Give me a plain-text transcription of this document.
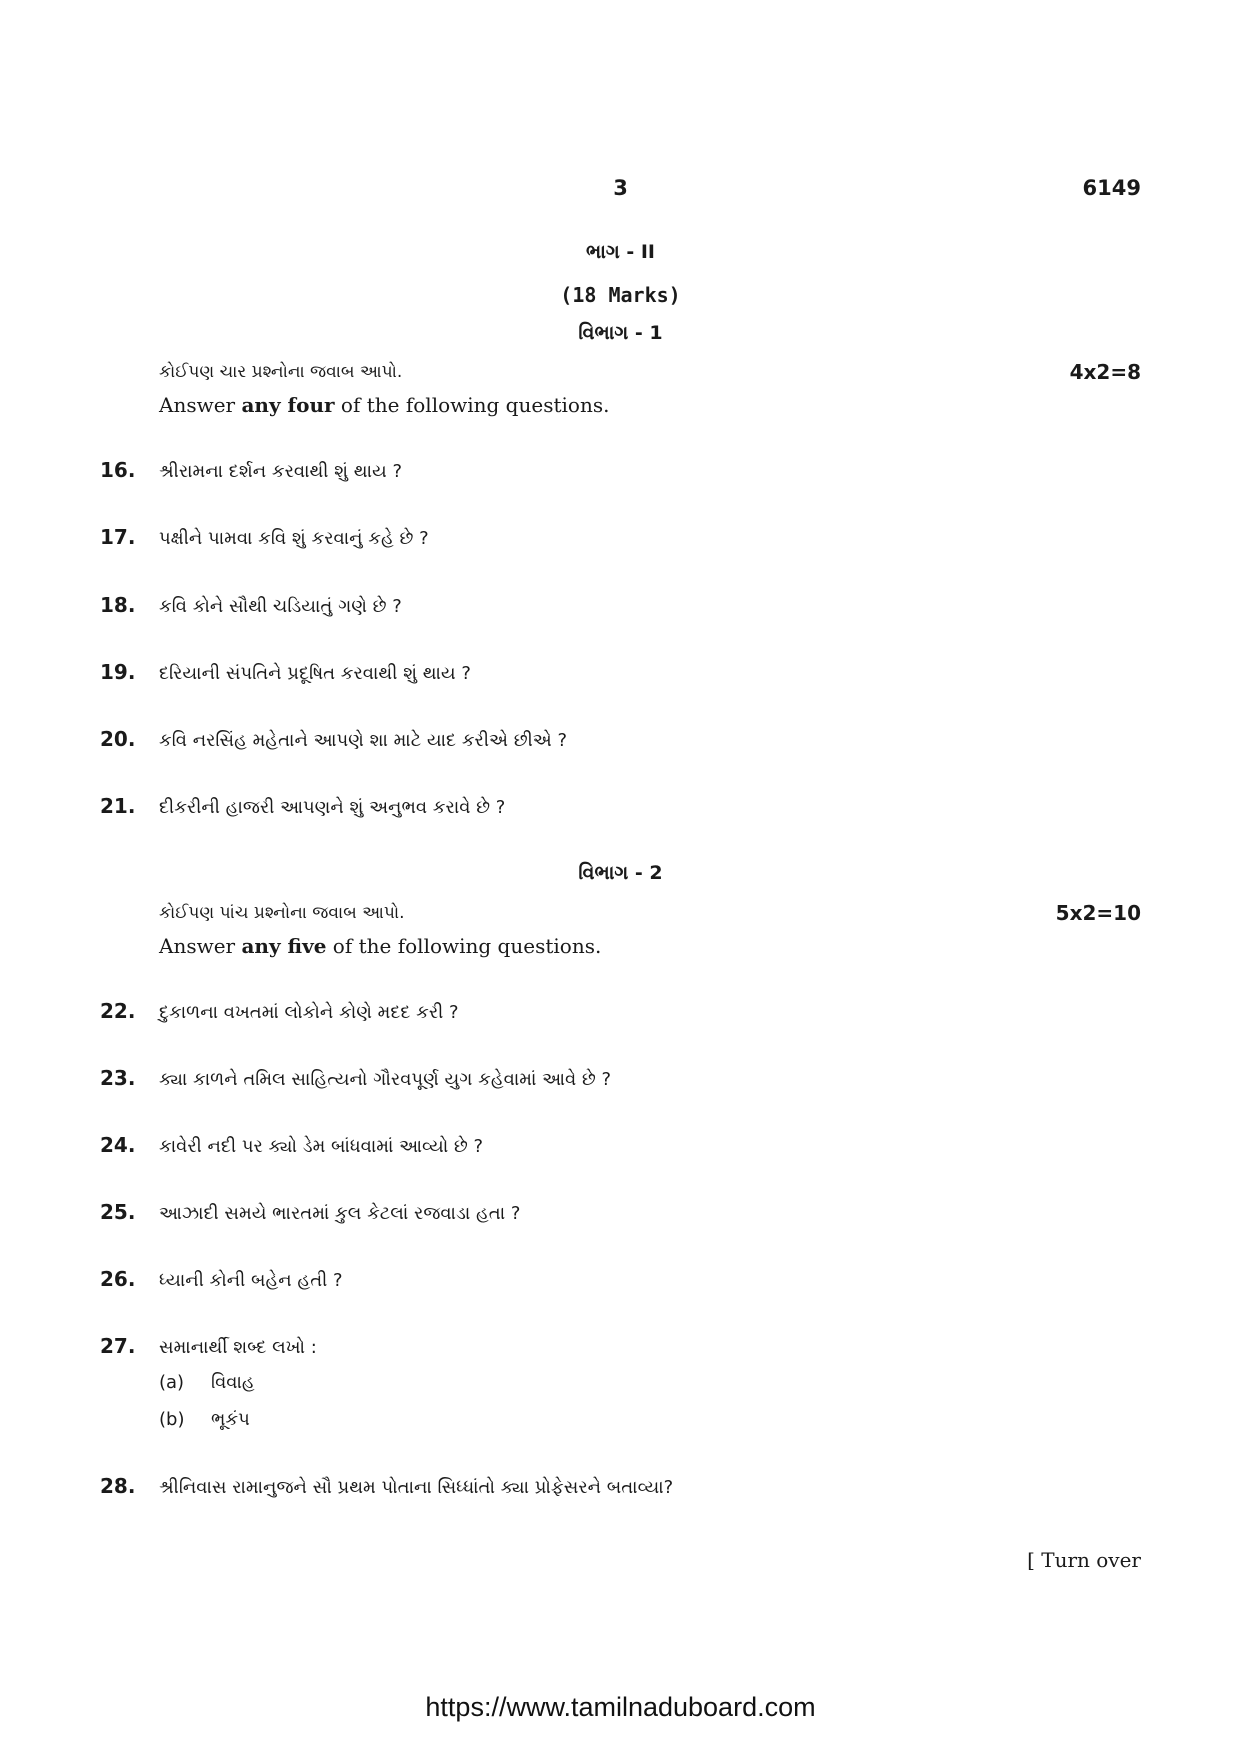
3	6149
ભાગ - II
(18 Marks)
વિભાગ - 1
કોઈપણ ચાર પ્રશ્નોના જવાબ આપો.	4x2=8
Answer any four of the following questions.
16.	શ્રીરામના દર્શન કરવાથી શું થાય ?
17.	પક્ષીને પામવા કવિ શું કરવાનું કહે છે ?
18.	કવિ કોને સૌથી ચડિયાતું ગણે છે ?
19.	દરિયાની સંપતિને પ્રદૂષિત કરવાથી શું થાય ?
20.	કવિ નરસિંહ મહેતાને આપણે શા માટે યાદ કરીએ છીએ ?
21.	દીકરીની હાજરી આપણને શું અનુભવ કરાવે છે ?
વિભાગ - 2
કોઈપણ પાંચ પ્રશ્નોના જવાબ આપો.	5x2=10
Answer any five of the following questions.
22.	દુકાળના વખતમાં લોકોને કોણે મદદ કરી ?
23.	ક્યા કાળને તમિલ સાહિત્યનો ગૌરવપૂર્ણ યુગ કહેવામાં આવે છે ?
24.	કાવેરી નદી પર ક્યો ડેમ બાંધવામાં આવ્યો છે ?
25.	આઝાદી સમયે ભારતમાં કુલ કેટલાં રજવાડા હતા ?
26.	ધ્યાની કોની બહેન હતી ?
27.	સમાનાર્થી શબ્દ લખો :
(a)	વિવાહ
(b)	ભૂકંપ
28.	શ્રીનિવાસ રામાનુજને સૌ પ્રથમ પોતાના સિધ્ધાંતો ક્યા પ્રોફેસરને બતાવ્યા?
[ Turn over
https://www.tamilnaduboard.com
